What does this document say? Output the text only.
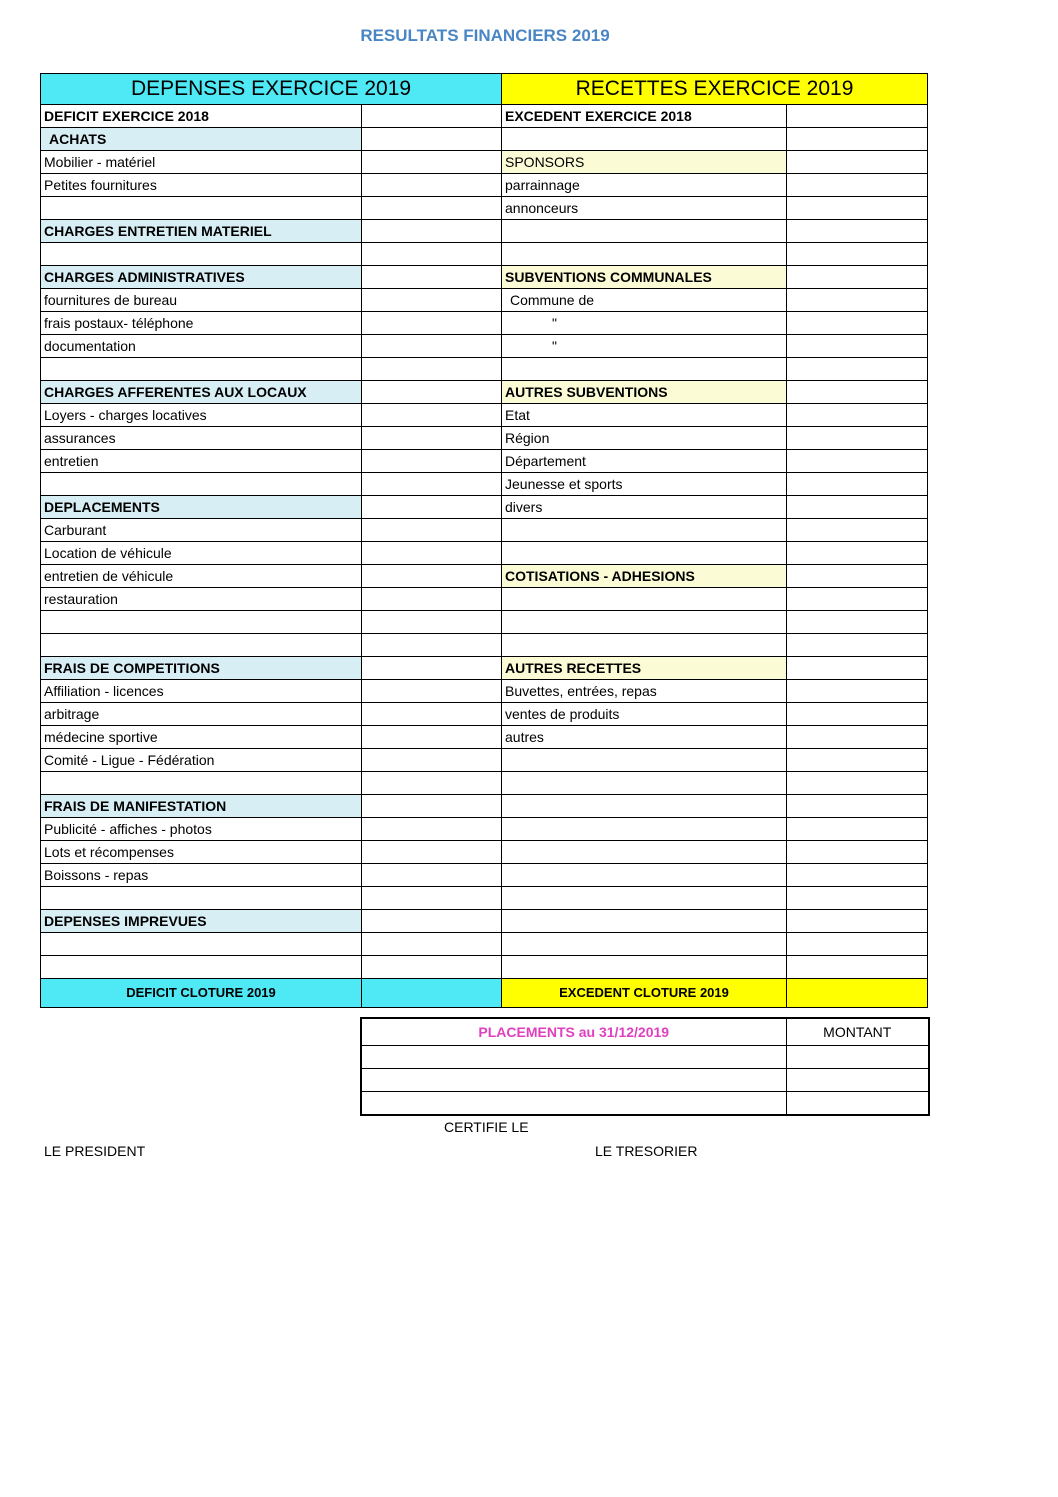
RESULTATS FINANCIERS 2019
DEPENSES EXERCICE 2019		RECETTES EXERCICE 2019	
DEFICIT EXERCICE 2018		EXCEDENT EXERCICE 2018	
ACHATS			
Mobilier - matériel		SPONSORS	
Petites fournitures		parrainnage	
		annonceurs	
CHARGES ENTRETIEN MATERIEL			

CHARGES ADMINISTRATIVES		SUBVENTIONS COMMUNALES	
fournitures de bureau		Commune de	
frais postaux- téléphone		"	
documentation		"	

CHARGES AFFERENTES AUX LOCAUX		AUTRES SUBVENTIONS	
Loyers - charges locatives		Etat	
assurances		Région	
entretien		Département	
		Jeunesse et sports	
DEPLACEMENTS		divers	
Carburant			
Location de véhicule			
entretien de véhicule		COTISATIONS - ADHESIONS	
restauration			

FRAIS DE COMPETITIONS		AUTRES RECETTES	
Affiliation - licences		Buvettes, entrées, repas	
arbitrage		ventes de produits	
médecine sportive		autres	
Comité - Ligue - Fédération			

FRAIS DE MANIFESTATION			
Publicité - affiches - photos			
Lots et récompenses			
Boissons - repas			

DEPENSES IMPREVUES			

DEFICIT CLOTURE 2019		EXCEDENT CLOTURE 2019	
PLACEMENTS au 31/12/2019	MONTANT

CERTIFIE LE
LE PRESIDENT	LE TRESORIER
